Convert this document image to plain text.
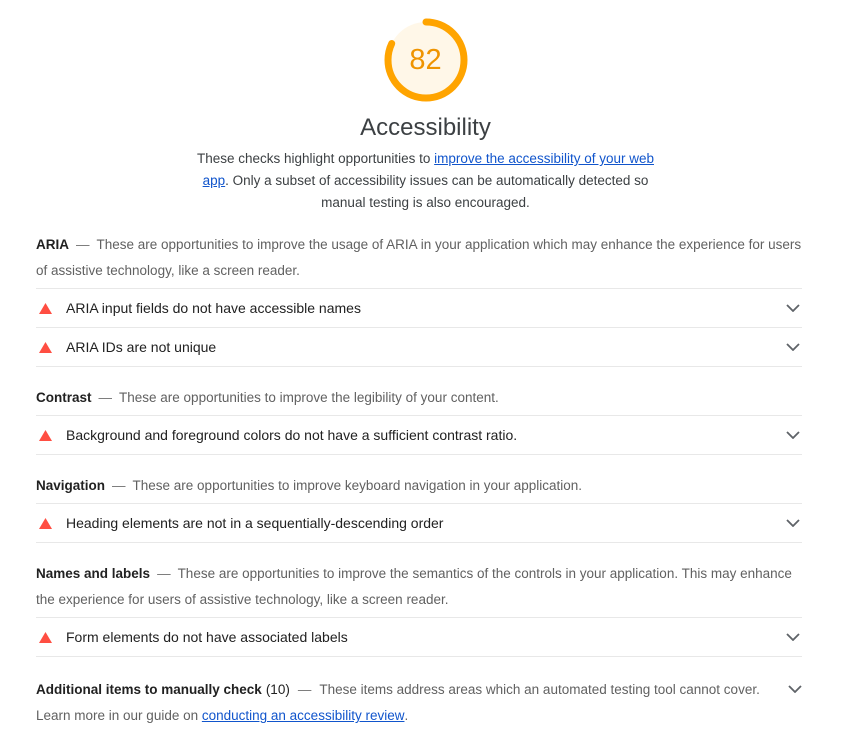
82
Accessibility

These checks highlight opportunities to improve the accessibility of your web app. Only a subset of accessibility issues can be automatically detected so manual testing is also encouraged.

ARIA — These are opportunities to improve the usage of ARIA in your application which may enhance the experience for users of assistive technology, like a screen reader.
ARIA input fields do not have accessible names
ARIA IDs are not unique
Contrast — These are opportunities to improve the legibility of your content.
Background and foreground colors do not have a sufficient contrast ratio.
Navigation — These are opportunities to improve keyboard navigation in your application.
Heading elements are not in a sequentially-descending order
Names and labels — These are opportunities to improve the semantics of the controls in your application. This may enhance the experience for users of assistive technology, like a screen reader.
Form elements do not have associated labels
Additional items to manually check (10) — These items address areas which an automated testing tool cannot cover. Learn more in our guide on conducting an accessibility review.
